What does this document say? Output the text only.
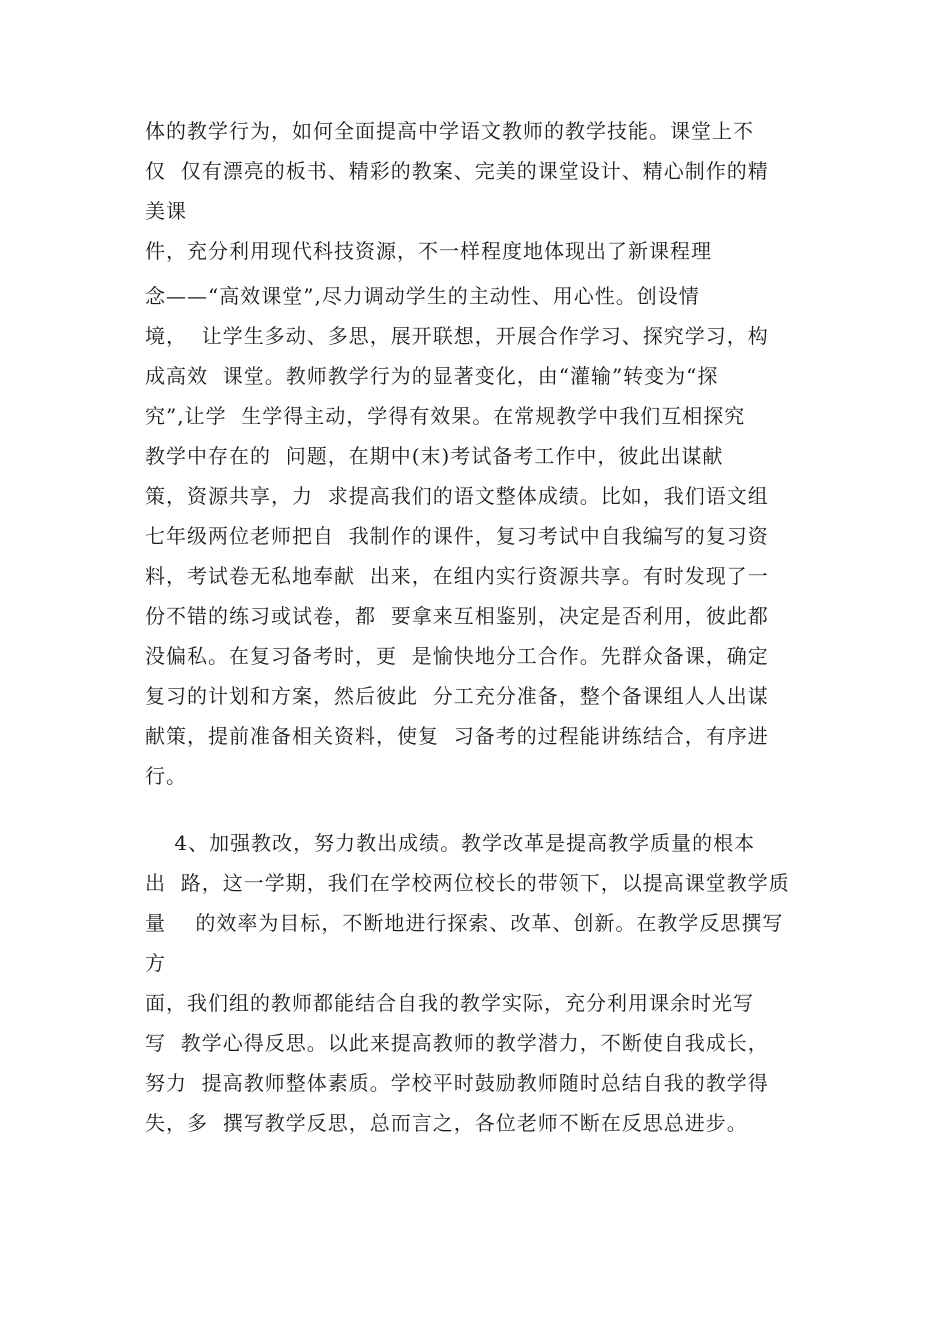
体的教学行为，如何全面提高中学语文教师的教学技能。课堂上不
仅  仅有漂亮的板书、精彩的教案、完美的课堂设计、精心制作的精
美课
件，充分利用现代科技资源，不一样程度地体现出了新课程理
念——“高效课堂”,尽力调动学生的主动性、用心性。创设情
境，  让学生多动、多思，展开联想，开展合作学习、探究学习，构
成高效  课堂。教师教学行为的显著变化，由“灌输”转变为“探
究”,让学  生学得主动，学得有效果。在常规教学中我们互相探究
教学中存在的  问题，在期中(末)考试备考工作中，彼此出谋献
策，资源共享，力  求提高我们的语文整体成绩。比如，我们语文组
七年级两位老师把自  我制作的课件，复习考试中自我编写的复习资
料，考试卷无私地奉献  出来，在组内实行资源共享。有时发现了一
份不错的练习或试卷，都  要拿来互相鉴别，决定是否利用，彼此都
没偏私。在复习备考时，更  是愉快地分工合作。先群众备课，确定
复习的计划和方案，然后彼此  分工充分准备，整个备课组人人出谋
献策，提前准备相关资料，使复  习备考的过程能讲练结合，有序进
行。
4、加强教改，努力教出成绩。教学改革是提高教学质量的根本
出  路，这一学期，我们在学校两位校长的带领下，以提高课堂教学质
量    的效率为目标，不断地进行探索、改革、创新。在教学反思撰写
方
面，我们组的教师都能结合自我的教学实际，充分利用课余时光写
写  教学心得反思。以此来提高教师的教学潜力，不断使自我成长，
努力  提高教师整体素质。学校平时鼓励教师随时总结自我的教学得
失，多  撰写教学反思，总而言之，各位老师不断在反思总进步。
